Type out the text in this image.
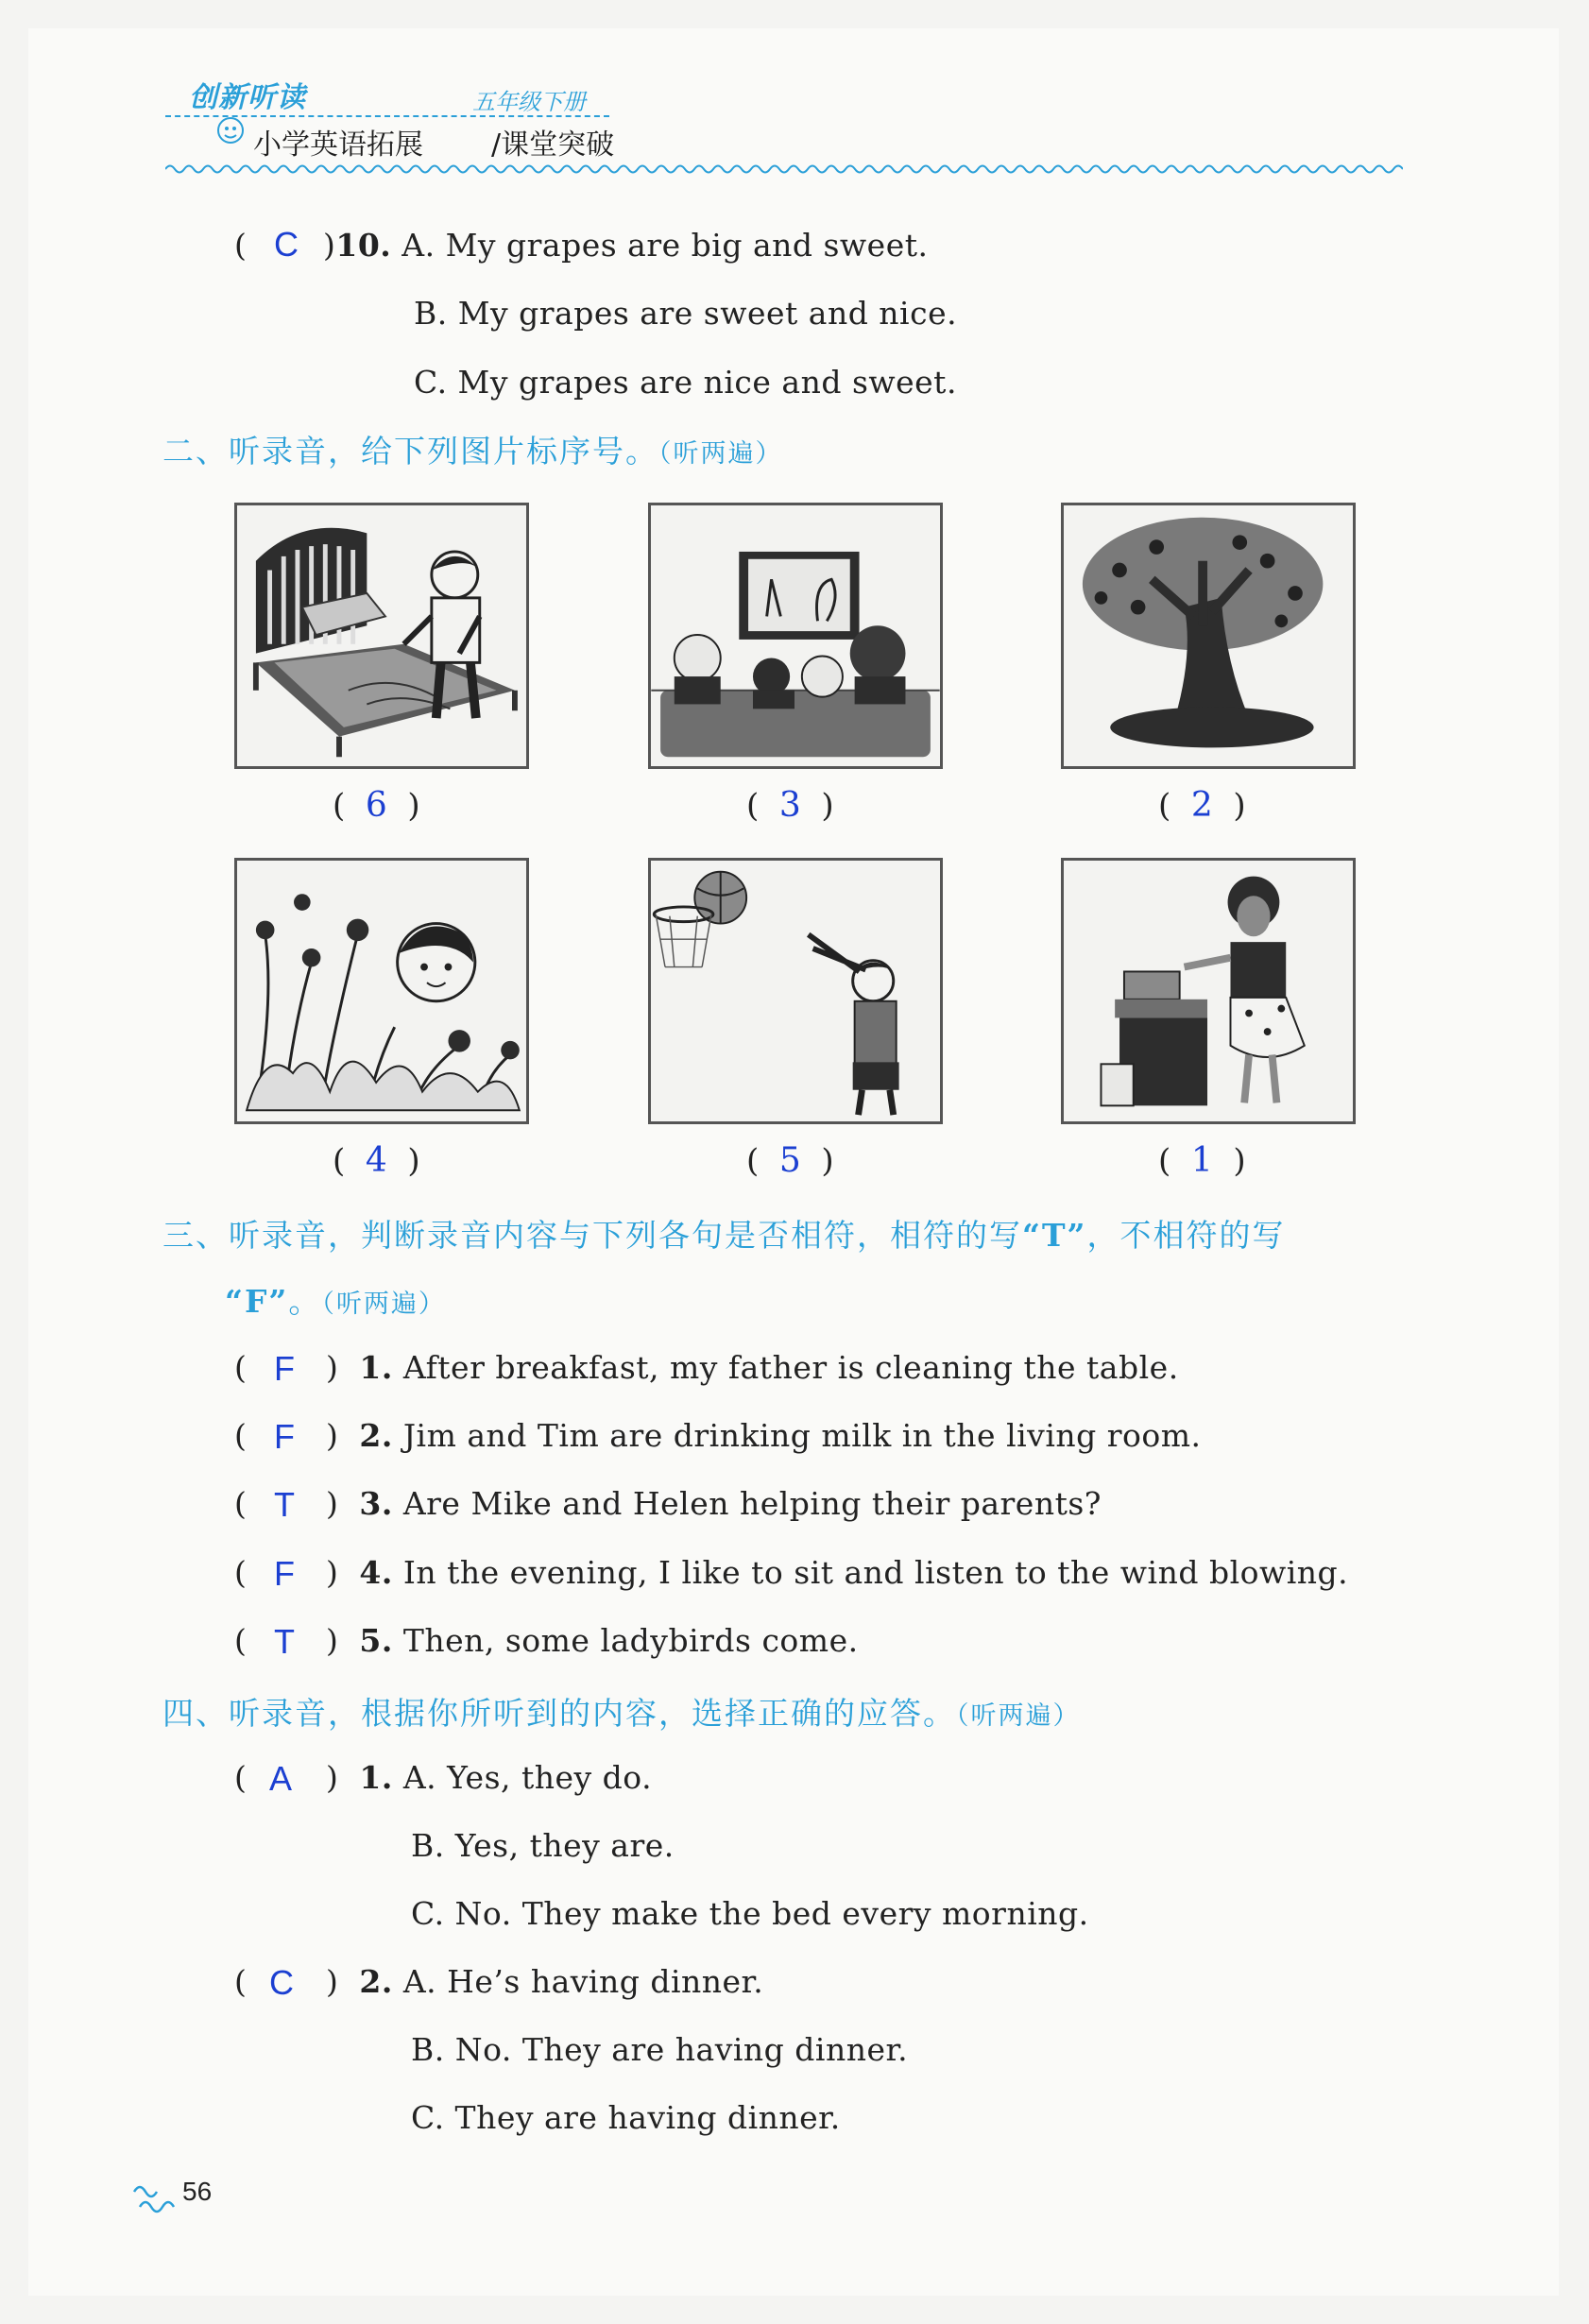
创新听读	五年级下册
小学英语拓展 /课堂突破
( C )10. A. My grapes are big and sweet.
B. My grapes are sweet and nice.
C. My grapes are nice and sweet.
二、听录音，给下列图片标序号。（听两遍）
(  6  )	(  3  )	(  2  )
(  4  )	(  5  )	(  1  )
三、听录音，判断录音内容与下列各句是否相符，相符的写“T”，不相符的写
“F”。（听两遍）
( F )  1. After breakfast, my father is cleaning the table.
( F )  2. Jim and Tim are drinking milk in the living room.
( T )  3. Are Mike and Helen helping their parents?
( F )  4. In the evening, I like to sit and listen to the wind blowing.
( T )  5. Then, some ladybirds come.
四、听录音，根据你所听到的内容，选择正确的应答。（听两遍）
( A )  1. A. Yes, they do.
B. Yes, they are.
C. No. They make the bed every morning.
( C )  2. A. He’s having dinner.
B. No. They are having dinner.
C. They are having dinner.
56
